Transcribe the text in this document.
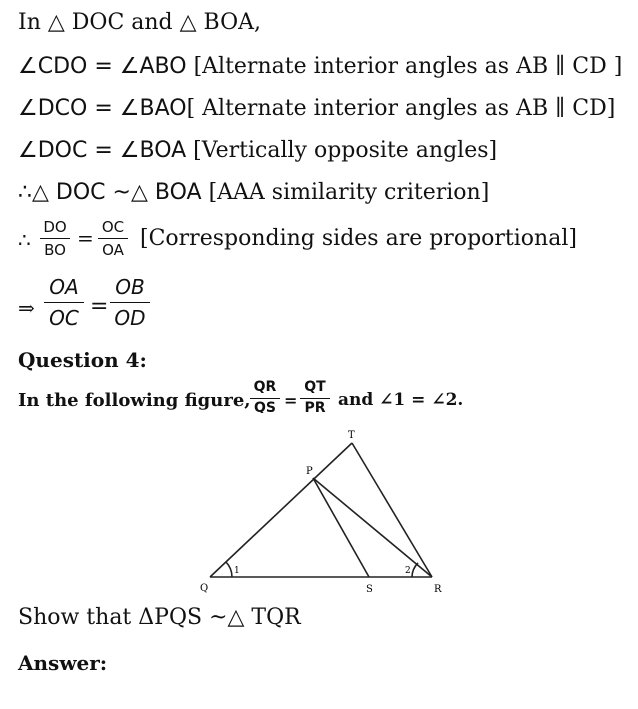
In △ DOC and △ BOA,
∠CDO = ∠ABO [Alternate interior angles as AB ∥ CD ]
∠DCO = ∠BAO[ Alternate interior angles as AB ∥ CD]
∠DOC = ∠BOA [Vertically opposite angles]
∴△ DOC ~△ BOA [AAA similarity criterion]
∴
DO
BO = OC
OA [Corresponding sides are proportional]
⇒
OA
OC =
OB
OD
Question 4:
In the following figure,
QR
QS =
QT
PR and ∠1 = ∠2.
T
P
Q	S	R
1	2
Show that ΔPQS ~△ TQR
Answer:
